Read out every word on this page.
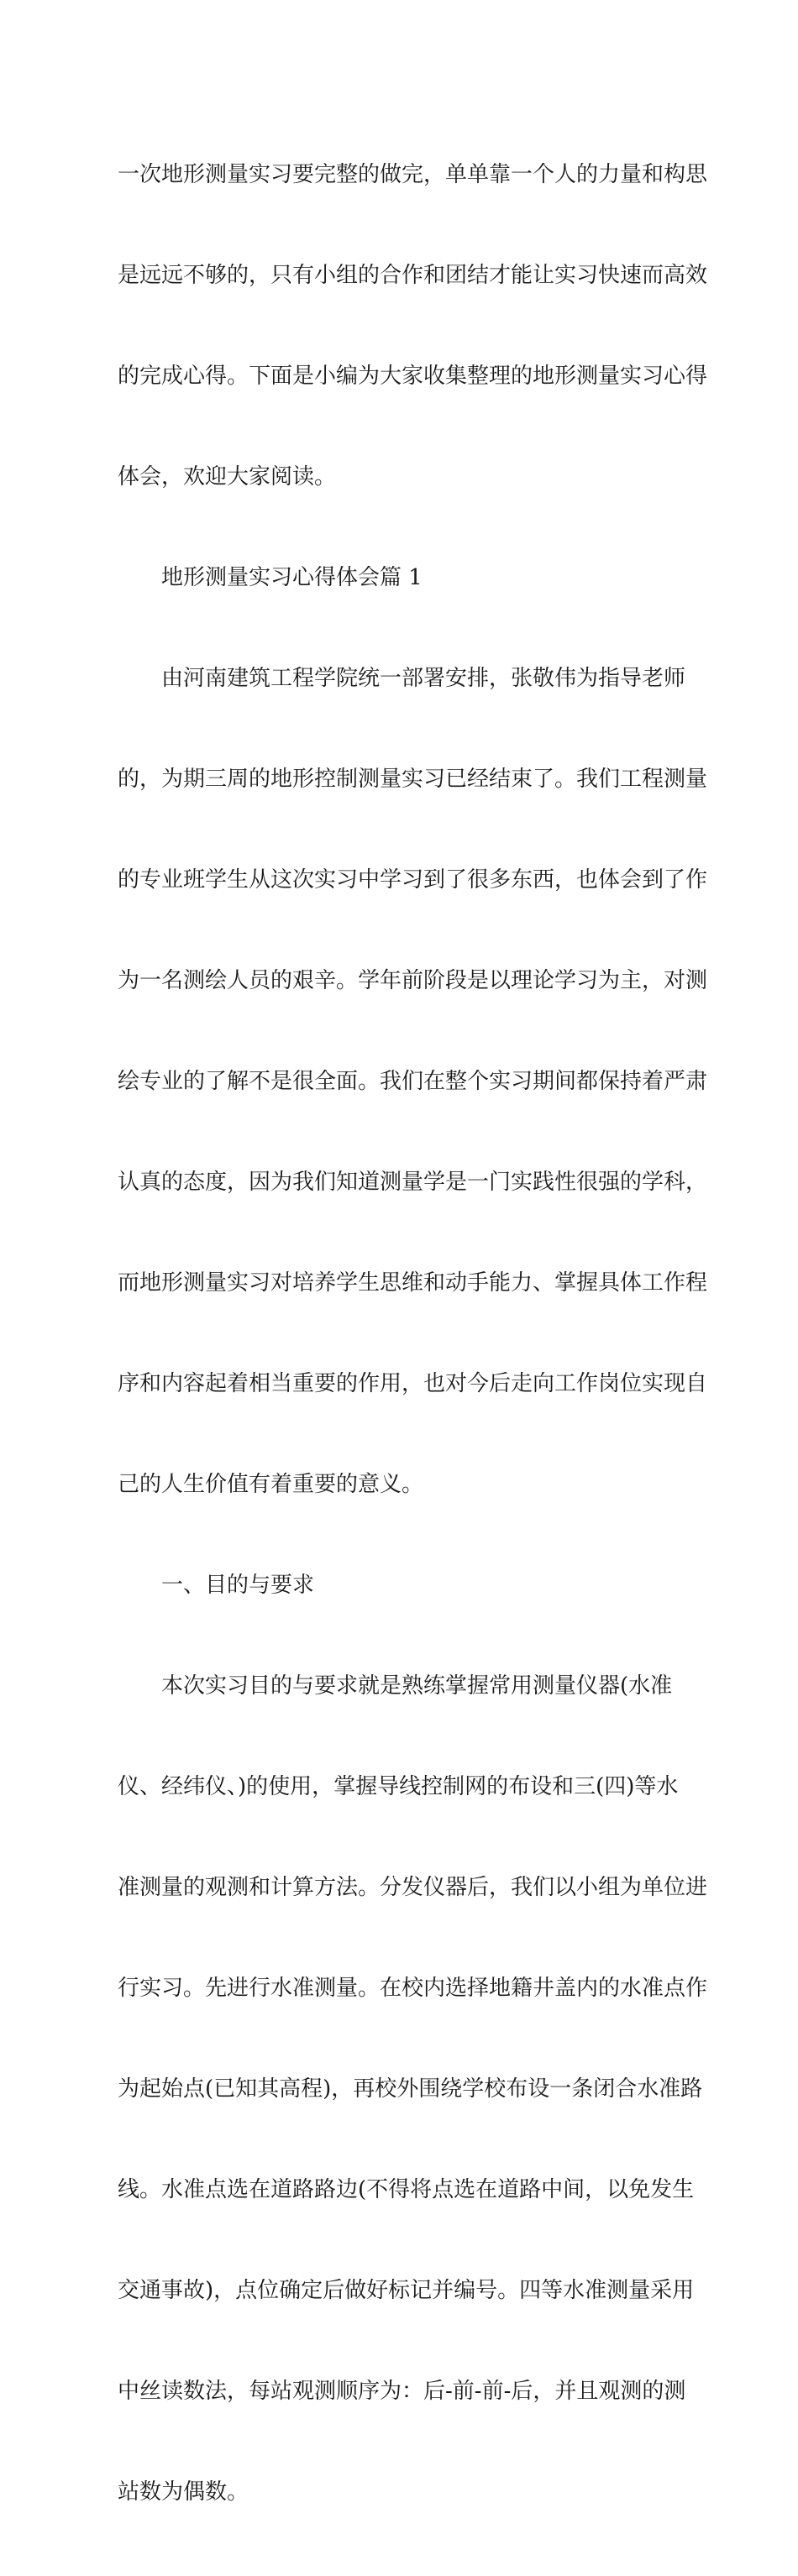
一次地形测量实习要完整的做完，单单靠一个人的力量和构思

是远远不够的，只有小组的合作和团结才能让实习快速而高效

的完成心得。下面是小编为大家收集整理的地形测量实习心得

体会，欢迎大家阅读。

地形测量实习心得体会篇 1

由河南建筑工程学院统一部署安排，张敬伟为指导老师

的，为期三周的地形控制测量实习已经结束了。我们工程测量

的专业班学生从这次实习中学习到了很多东西，也体会到了作

为一名测绘人员的艰辛。学年前阶段是以理论学习为主，对测

绘专业的了解不是很全面。我们在整个实习期间都保持着严肃

认真的态度，因为我们知道测量学是一门实践性很强的学科，

而地形测量实习对培养学生思维和动手能力、掌握具体工作程

序和内容起着相当重要的作用，也对今后走向工作岗位实现自

己的人生价值有着重要的意义。

一、目的与要求

本次实习目的与要求就是熟练掌握常用测量仪器(水准

仪、经纬仪、)的使用，掌握导线控制网的布设和三(四)等水

准测量的观测和计算方法。分发仪器后，我们以小组为单位进

行实习。先进行水准测量。在校内选择地籍井盖内的水准点作

为起始点(已知其高程)，再校外围绕学校布设一条闭合水准路

线。水准点选在道路路边(不得将点选在道路中间，以免发生

交通事故)，点位确定后做好标记并编号。四等水准测量采用

中丝读数法，每站观测顺序为：后-前-前-后，并且观测的测

站数为偶数。
